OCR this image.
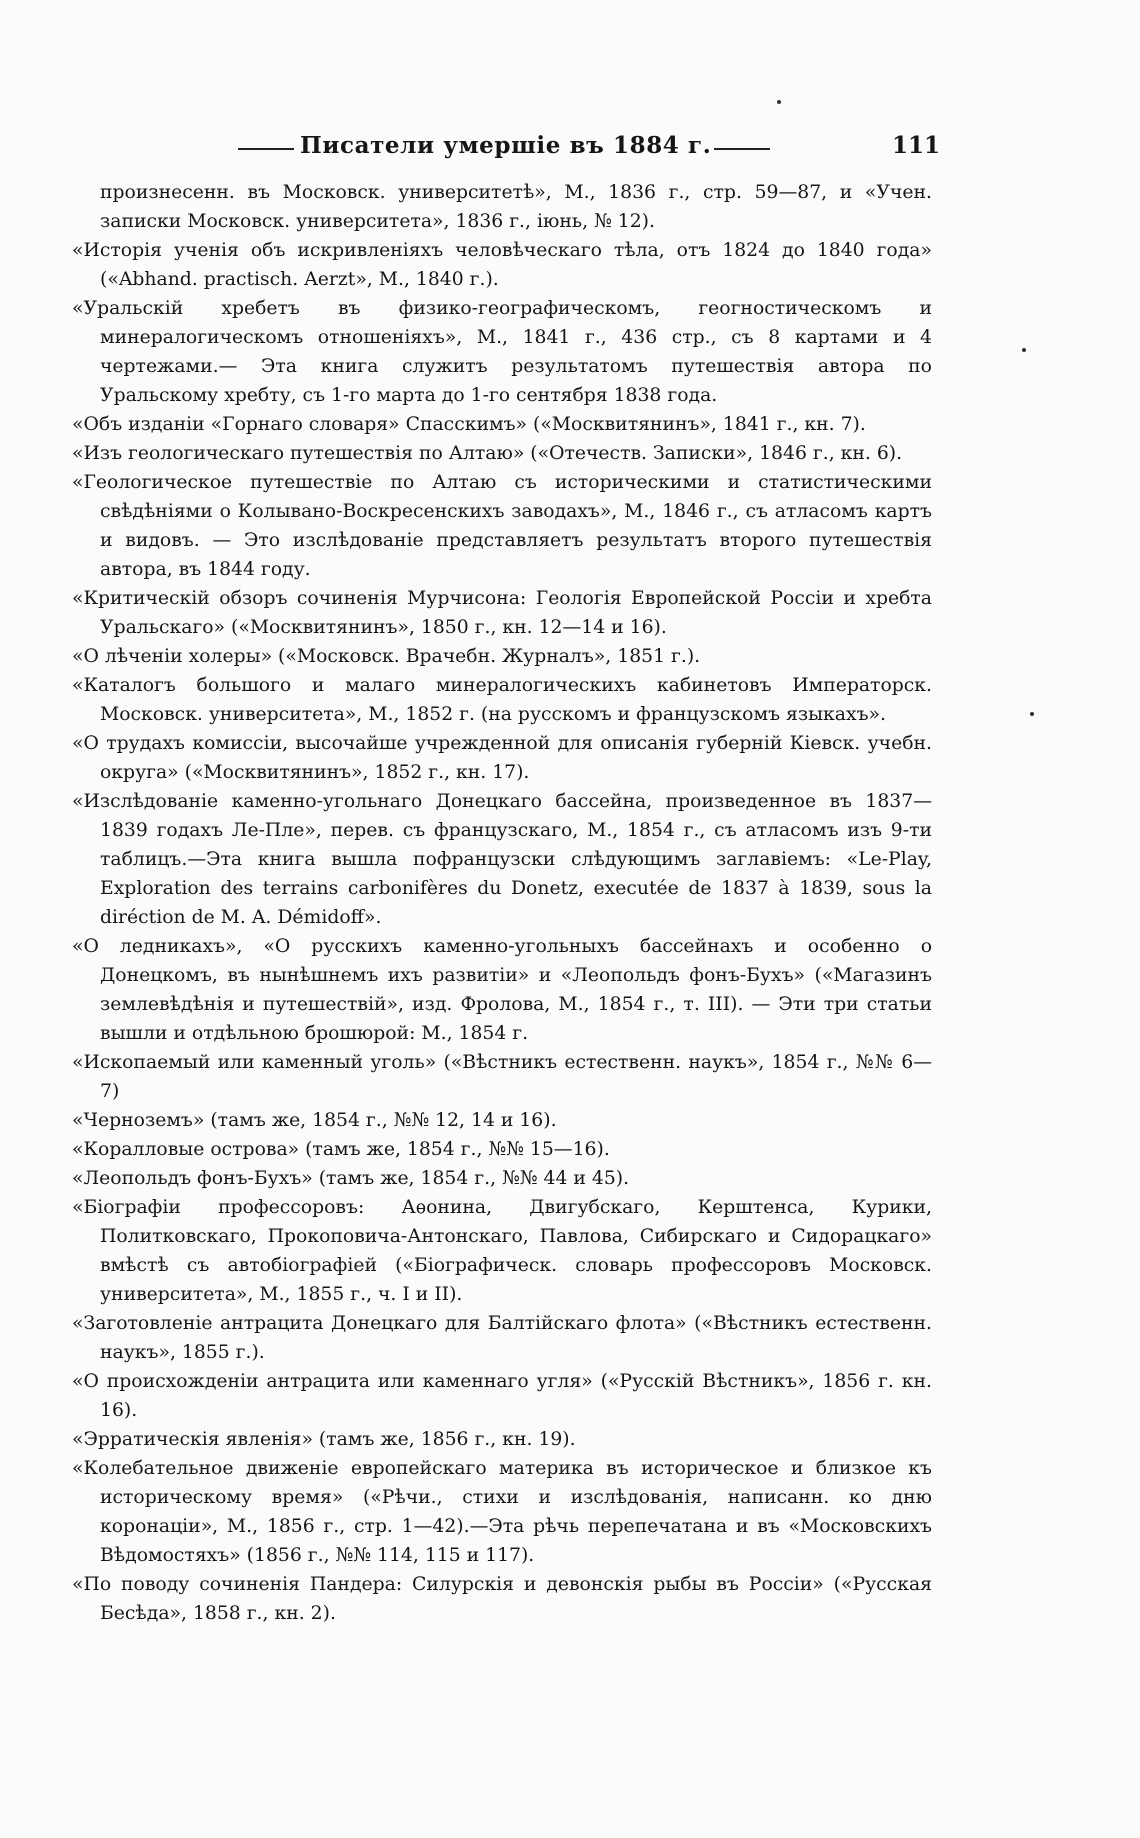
Писатели умершіе въ 1884 г.	111

произнесенн. въ Московск. университетѣ», М., 1836 г., стр. 59—87, и «Учен. записки Московск. университета», 1836 г., іюнь, № 12).

«Исторія ученія объ искривленіяхъ человѣческаго тѣла, отъ 1824 до 1840 года» («Abhand. practisch. Aerzt», M., 1840 г.).

«Уральскій хребетъ въ физико-географическомъ, геогностическомъ и минералогическомъ отношеніяхъ», М., 1841 г., 436 стр., съ 8 картами и 4 чертежами.— Эта книга служитъ результатомъ путешествія автора по Уральскому хребту, съ 1-го марта до 1-го сентября 1838 года.

«Объ изданіи «Горнаго словаря» Спасскимъ» («Москвитянинъ», 1841 г., кн. 7).

«Изъ геологическаго путешествія по Алтаю» («Отечеств. Записки», 1846 г., кн. 6).

«Геологическое путешествіе по Алтаю съ историческими и статистическими свѣдѣніями о Колывано-Воскресенскихъ заводахъ», М., 1846 г., съ атласомъ картъ и видовъ. — Это изслѣдованіе представляетъ результатъ второго путешествія автора, въ 1844 году.

«Критическій обзоръ сочиненія Мурчисона: Геологія Европейской Россіи и хребта Уральскаго» («Москвитянинъ», 1850 г., кн. 12—14 и 16).

«О лѣченіи холеры» («Московск. Врачебн. Журналъ», 1851 г.).

«Каталогъ большого и малаго минералогическихъ кабинетовъ Императорск. Московск. университета», М., 1852 г. (на русскомъ и французскомъ языкахъ».

«О трудахъ комиссіи, высочайше учрежденной для описанія губерній Кіевск. учебн. округа» («Москвитянинъ», 1852 г., кн. 17).

«Изслѣдованіе каменно-угольнаго Донецкаго бассейна, произведенное въ 1837—1839 годахъ Ле-Пле», перев. съ французскаго, М., 1854 г., съ атласомъ изъ 9-ти таблицъ.—Эта книга вышла пофранцузски слѣдующимъ заглавіемъ: «Le-Play, Exploration des terrains carbonifères du Donetz, executée de 1837 à 1839, sous la diréction de M. A. Démidoff».

«О ледникахъ», «О русскихъ каменно-угольныхъ бассейнахъ и особенно о Донецкомъ, въ нынѣшнемъ ихъ развитіи» и «Леопольдъ фонъ-Бухъ» («Магазинъ землевѣдѣнія и путешествій», изд. Фролова, М., 1854 г., т. III). — Эти три статьи вышли и отдѣльною брошюрой: М., 1854 г.

«Ископаемый или каменный уголь» («Вѣстникъ естественн. наукъ», 1854 г., №№ 6—7)

«Черноземъ» (тамъ же, 1854 г., №№ 12, 14 и 16).

«Коралловые острова» (тамъ же, 1854 г., №№ 15—16).

«Леопольдъ фонъ-Бухъ» (тамъ же, 1854 г., №№ 44 и 45).

«Біографіи профессоровъ: Аѳонина, Двигубскаго, Керштенса, Курики, Политковскаго, Прокоповича-Антонскаго, Павлова, Сибирскаго и Сидорацкаго» вмѣстѣ съ автобіографіей («Біографическ. словарь профессоровъ Московск. университета», М., 1855 г., ч. I и II).

«Заготовленіе антрацита Донецкаго для Балтійскаго флота» («Вѣстникъ естественн. наукъ», 1855 г.).

«О происхожденіи антрацита или каменнаго угля» («Русскій Вѣстникъ», 1856 г. кн. 16).

«Эрратическія явленія» (тамъ же, 1856 г., кн. 19).

«Колебательное движеніе европейскаго материка въ историческое и близкое къ историческому время» («Рѣчи., стихи и изслѣдованія, написанн. ко дню коронаціи», М., 1856 г., стр. 1—42).—Эта рѣчь перепечатана и въ «Московскихъ Вѣдомостяхъ» (1856 г., №№ 114, 115 и 117).

«По поводу сочиненія Пандера: Силурскія и девонскія рыбы въ Россіи» («Русская Бесѣда», 1858 г., кн. 2).
